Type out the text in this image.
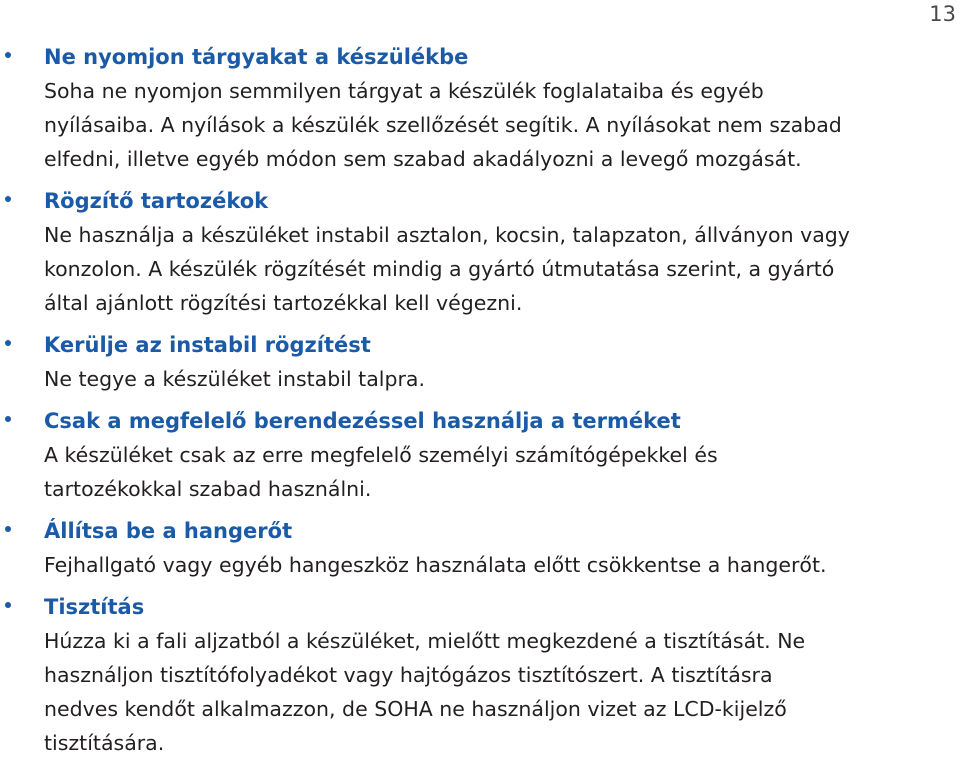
13
Ne nyomjon tárgyakat a készülékbe
Soha ne nyomjon semmilyen tárgyat a készülék foglalataiba és egyéb
nyílásaiba. A nyílások a készülék szellőzését segítik. A nyílásokat nem szabad
elfedni, illetve egyéb módon sem szabad akadályozni a levegő mozgását.
Rögzítő tartozékok
Ne használja a készüléket instabil asztalon, kocsin, talapzaton, állványon vagy
konzolon. A készülék rögzítését mindig a gyártó útmutatása szerint, a gyártó
által ajánlott rögzítési tartozékkal kell végezni.
Kerülje az instabil rögzítést
Ne tegye a készüléket instabil talpra.
Csak a megfelelő berendezéssel használja a terméket
A készüléket csak az erre megfelelő személyi számítógépekkel és
tartozékokkal szabad használni.
Állítsa be a hangerőt
Fejhallgató vagy egyéb hangeszköz használata előtt csökkentse a hangerőt.
Tisztítás
Húzza ki a fali aljzatból a készüléket, mielőtt megkezdené a tisztítását. Ne
használjon tisztítófolyadékot vagy hajtógázos tisztítószert. A tisztításra
nedves kendőt alkalmazzon, de SOHA ne használjon vizet az LCD-kijelző
tisztítására.
